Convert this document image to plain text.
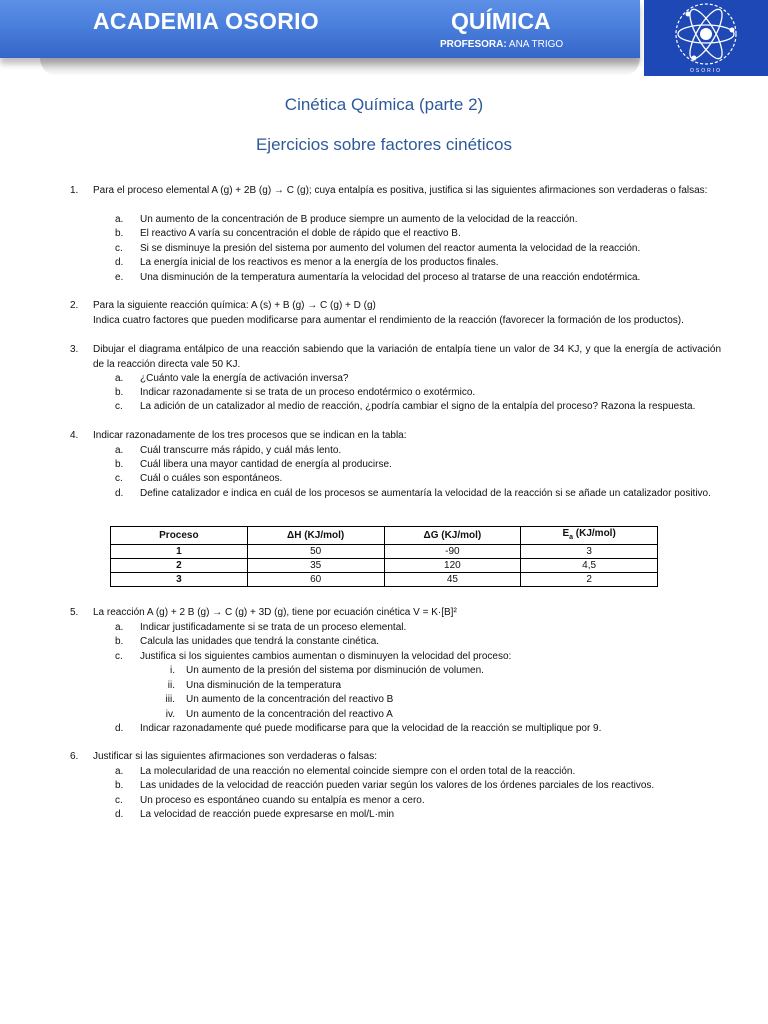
ACADEMIA OSORIO	QUÍMICA
PROFESORA: ANA TRIGO
OSORIO
Cinética Química (parte 2)
Ejercicios sobre factores cinéticos
1. Para el proceso elemental A (g) + 2B (g) → C (g); cuya entalpía es positiva, justifica si las siguientes afirmaciones son verdaderas o falsas:
a. Un aumento de la concentración de B produce siempre un aumento de la velocidad de la reacción.
b. El reactivo A varía su concentración el doble de rápido que el reactivo B.
c. Si se disminuye la presión del sistema por aumento del volumen del reactor aumenta la velocidad de la reacción.
d. La energía inicial de los reactivos es menor a la energía de los productos finales.
e. Una disminución de la temperatura aumentaría la velocidad del proceso al tratarse de una reacción endotérmica.
2. Para la siguiente reacción química: A (s) + B (g) → C (g) + D (g)
Indica cuatro factores que pueden modificarse para aumentar el rendimiento de la reacción (favorecer la formación de los productos).
3. Dibujar el diagrama entálpico de una reacción sabiendo que la variación de entalpía tiene un valor de 34 KJ, y que la energía de activación de la reacción directa vale 50 KJ.
a. ¿Cuánto vale la energía de activación inversa?
b. Indicar razonadamente si se trata de un proceso endotérmico o exotérmico.
c. La adición de un catalizador al medio de reacción, ¿podría cambiar el signo de la entalpía del proceso? Razona la respuesta.
4. Indicar razonadamente de los tres procesos que se indican en la tabla:
a. Cuál transcurre más rápido, y cuál más lento.
b. Cuál libera una mayor cantidad de energía al producirse.
c. Cuál o cuáles son espontáneos.
d. Define catalizador e indica en cuál de los procesos se aumentaría la velocidad de la reacción si se añade un catalizador positivo.
Proceso	ΔH (KJ/mol)	ΔG (KJ/mol)	$E_a$ (KJ/mol)
1	50	-90	3
2	35	120	4,5
3	60	45	2
5. La reacción A (g) + 2 B (g) → C (g) + 3D (g), tiene por ecuación cinética V = K·[B]²
a. Indicar justificadamente si se trata de un proceso elemental.
b. Calcula las unidades que tendrá la constante cinética.
c. Justifica si los siguientes cambios aumentan o disminuyen la velocidad del proceso:
i. Un aumento de la presión del sistema por disminución de volumen.
ii. Una disminución de la temperatura
iii. Un aumento de la concentración del reactivo B
iv. Un aumento de la concentración del reactivo A
d. Indicar razonadamente qué puede modificarse para que la velocidad de la reacción se multiplique por 9.
6. Justificar si las siguientes afirmaciones son verdaderas o falsas:
a. La molecularidad de una reacción no elemental coincide siempre con el orden total de la reacción.
b. Las unidades de la velocidad de reacción pueden variar según los valores de los órdenes parciales de los reactivos.
c. Un proceso es espontáneo cuando su entalpía es menor a cero.
d. La velocidad de reacción puede expresarse en mol/L·min
